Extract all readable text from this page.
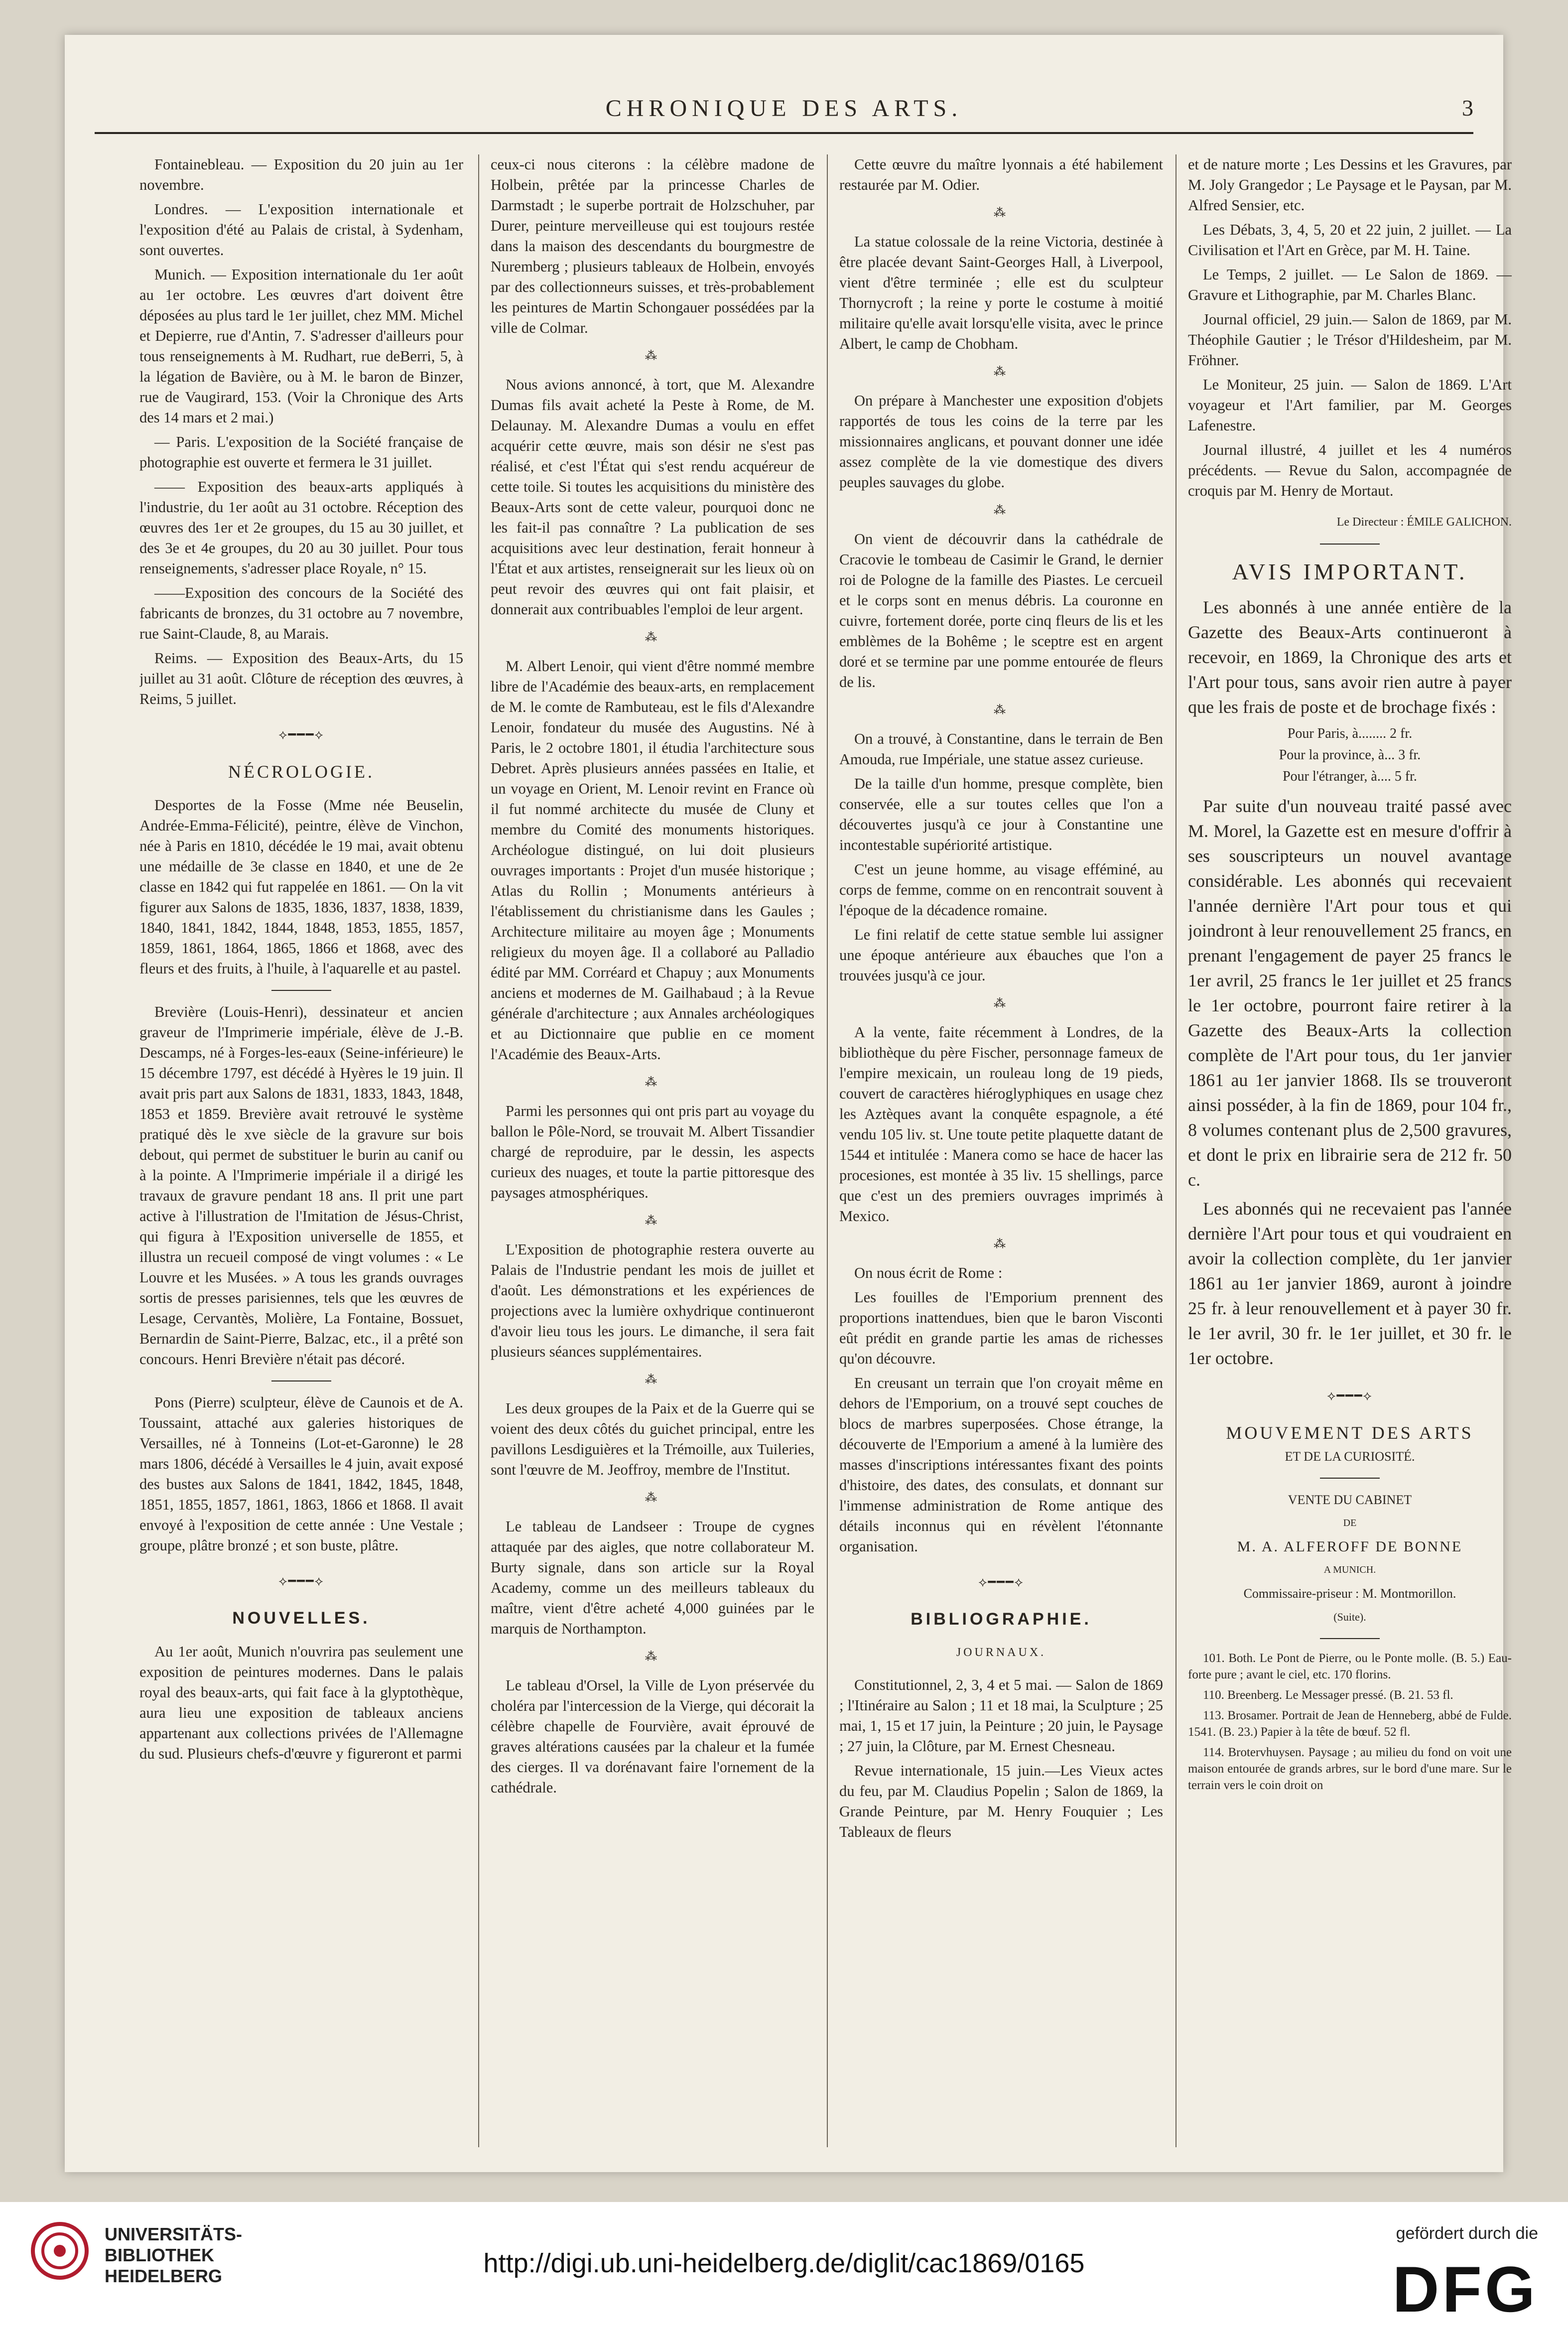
CHRONIQUE DES ARTS.	3

Fontainebleau. — Exposition du 20 juin au 1er novembre.

Londres. — L'exposition internationale et l'exposition d'été au Palais de cristal, à Sydenham, sont ouvertes.

Munich. — Exposition internationale du 1er août au 1er octobre. Les œuvres d'art doivent être déposées au plus tard le 1er juillet, chez MM. Michel et Depierre, rue d'Antin, 7. S'adresser d'ailleurs pour tous renseignements à M. Rudhart, rue deBerri, 5, à la légation de Bavière, ou à M. le baron de Binzer, rue de Vaugirard, 153. (Voir la Chronique des Arts des 14 mars et 2 mai.)

— Paris. L'exposition de la Société française de photographie est ouverte et fermera le 31 juillet.

—— Exposition des beaux-arts appliqués à l'industrie, du 1er août au 31 octobre. Réception des œuvres des 1er et 2e groupes, du 15 au 30 juillet, et des 3e et 4e groupes, du 20 au 30 juillet. Pour tous renseignements, s'adresser place Royale, n° 15.

——Exposition des concours de la Société des fabricants de bronzes, du 31 octobre au 7 novembre, rue Saint-Claude, 8, au Marais.

Reims. — Exposition des Beaux-Arts, du 15 juillet au 31 août. Clôture de réception des œuvres, à Reims, 5 juillet.

⟡━━━⟡
NÉCROLOGIE.

Desportes de la Fosse (Mme née Beuselin, Andrée-Emma-Félicité), peintre, élève de Vinchon, née à Paris en 1810, décédée le 19 mai, avait obtenu une médaille de 3e classe en 1840, et une de 2e classe en 1842 qui fut rappelée en 1861. — On la vit figurer aux Salons de 1835, 1836, 1837, 1838, 1839, 1840, 1841, 1842, 1844, 1848, 1853, 1855, 1857, 1859, 1861, 1864, 1865, 1866 et 1868, avec des fleurs et des fruits, à l'huile, à l'aquarelle et au pastel.

Brevière (Louis-Henri), dessinateur et ancien graveur de l'Imprimerie impériale, élève de J.-B. Descamps, né à Forges-les-eaux (Seine-inférieure) le 15 décembre 1797, est décédé à Hyères le 19 juin. Il avait pris part aux Salons de 1831, 1833, 1843, 1848, 1853 et 1859. Brevière avait retrouvé le système pratiqué dès le xve siècle de la gravure sur bois debout, qui permet de substituer le burin au canif ou à la pointe. A l'Imprimerie impériale il a dirigé les travaux de gravure pendant 18 ans. Il prit une part active à l'illustration de l'Imitation de Jésus-Christ, qui figura à l'Exposition universelle de 1855, et illustra un recueil composé de vingt volumes : « Le Louvre et les Musées. » A tous les grands ouvrages sortis de presses parisiennes, tels que les œuvres de Lesage, Cervantès, Molière, La Fontaine, Bossuet, Bernardin de Saint-Pierre, Balzac, etc., il a prêté son concours. Henri Brevière n'était pas décoré.

Pons (Pierre) sculpteur, élève de Caunois et de A. Toussaint, attaché aux galeries historiques de Versailles, né à Tonneins (Lot-et-Garonne) le 28 mars 1806, décédé à Versailles le 4 juin, avait exposé des bustes aux Salons de 1841, 1842, 1845, 1848, 1851, 1855, 1857, 1861, 1863, 1866 et 1868. Il avait envoyé à l'exposition de cette année : Une Vestale ; groupe, plâtre bronzé ; et son buste, plâtre.

⟡━━━⟡
NOUVELLES.

Au 1er août, Munich n'ouvrira pas seulement une exposition de peintures modernes. Dans le palais royal des beaux-arts, qui fait face à la glyptothèque, aura lieu une exposition de tableaux anciens appartenant aux collections privées de l'Allemagne du sud. Plusieurs chefs-d'œuvre y figureront et parmi

ceux-ci nous citerons : la célèbre madone de Holbein, prêtée par la princesse Charles de Darmstadt ; le superbe portrait de Holzschuher, par Durer, peinture merveilleuse qui est toujours restée dans la maison des descendants du bourgmestre de Nuremberg ; plusieurs tableaux de Holbein, envoyés par des collectionneurs suisses, et très-probablement les peintures de Martin Schongauer possédées par la ville de Colmar.

⁂

Nous avions annoncé, à tort, que M. Alexandre Dumas fils avait acheté la Peste à Rome, de M. Delaunay. M. Alexandre Dumas a voulu en effet acquérir cette œuvre, mais son désir ne s'est pas réalisé, et c'est l'État qui s'est rendu acquéreur de cette toile. Si toutes les acquisitions du ministère des Beaux-Arts sont de cette valeur, pourquoi donc ne les fait-il pas connaître ? La publication de ses acquisitions avec leur destination, ferait honneur à l'État et aux artistes, renseignerait sur les lieux où on peut revoir des œuvres qui ont fait plaisir, et donnerait aux contribuables l'emploi de leur argent.

⁂

M. Albert Lenoir, qui vient d'être nommé membre libre de l'Académie des beaux-arts, en remplacement de M. le comte de Rambuteau, est le fils d'Alexandre Lenoir, fondateur du musée des Augustins. Né à Paris, le 2 octobre 1801, il étudia l'architecture sous Debret. Après plusieurs années passées en Italie, et un voyage en Orient, M. Lenoir revint en France où il fut nommé architecte du musée de Cluny et membre du Comité des monuments historiques. Archéologue distingué, on lui doit plusieurs ouvrages importants : Projet d'un musée historique ; Atlas du Rollin ; Monuments antérieurs à l'établissement du christianisme dans les Gaules ; Architecture militaire au moyen âge ; Monuments religieux du moyen âge. Il a collaboré au Palladio édité par MM. Corréard et Chapuy ; aux Monuments anciens et modernes de M. Gailhabaud ; à la Revue générale d'architecture ; aux Annales archéologiques et au Dictionnaire que publie en ce moment l'Académie des Beaux-Arts.

⁂

Parmi les personnes qui ont pris part au voyage du ballon le Pôle-Nord, se trouvait M. Albert Tissandier chargé de reproduire, par le dessin, les aspects curieux des nuages, et toute la partie pittoresque des paysages atmosphériques.

⁂

L'Exposition de photographie restera ouverte au Palais de l'Industrie pendant les mois de juillet et d'août. Les démonstrations et les expériences de projections avec la lumière oxhydrique continueront d'avoir lieu tous les jours. Le dimanche, il sera fait plusieurs séances supplémentaires.

⁂

Les deux groupes de la Paix et de la Guerre qui se voient des deux côtés du guichet principal, entre les pavillons Lesdiguières et la Trémoille, aux Tuileries, sont l'œuvre de M. Jeoffroy, membre de l'Institut.

⁂

Le tableau de Landseer : Troupe de cygnes attaquée par des aigles, que notre collaborateur M. Burty signale, dans son article sur la Royal Academy, comme un des meilleurs tableaux du maître, vient d'être acheté 4,000 guinées par le marquis de Northampton.

⁂

Le tableau d'Orsel, la Ville de Lyon préservée du choléra par l'intercession de la Vierge, qui décorait la célèbre chapelle de Fourvière, avait éprouvé de graves altérations causées par la chaleur et la fumée des cierges. Il va dorénavant faire l'ornement de la cathédrale.

Cette œuvre du maître lyonnais a été habilement restaurée par M. Odier.

⁂

La statue colossale de la reine Victoria, destinée à être placée devant Saint-Georges Hall, à Liverpool, vient d'être terminée ; elle est du sculpteur Thornycroft ; la reine y porte le costume à moitié militaire qu'elle avait lorsqu'elle visita, avec le prince Albert, le camp de Chobham.

⁂

On prépare à Manchester une exposition d'objets rapportés de tous les coins de la terre par les missionnaires anglicans, et pouvant donner une idée assez complète de la vie domestique des divers peuples sauvages du globe.

⁂

On vient de découvrir dans la cathédrale de Cracovie le tombeau de Casimir le Grand, le dernier roi de Pologne de la famille des Piastes. Le cercueil et le corps sont en menus débris. La couronne en cuivre, fortement dorée, porte cinq fleurs de lis et les emblèmes de la Bohême ; le sceptre est en argent doré et se termine par une pomme entourée de fleurs de lis.

⁂

On a trouvé, à Constantine, dans le terrain de Ben Amouda, rue Impériale, une statue assez curieuse.

De la taille d'un homme, presque complète, bien conservée, elle a sur toutes celles que l'on a découvertes jusqu'à ce jour à Constantine une incontestable supériorité artistique.

C'est un jeune homme, au visage efféminé, au corps de femme, comme on en rencontrait souvent à l'époque de la décadence romaine.

Le fini relatif de cette statue semble lui assigner une époque antérieure aux ébauches que l'on a trouvées jusqu'à ce jour.

⁂

A la vente, faite récemment à Londres, de la bibliothèque du père Fischer, personnage fameux de l'empire mexicain, un rouleau long de 19 pieds, couvert de caractères hiéroglyphiques en usage chez les Aztèques avant la conquête espagnole, a été vendu 105 liv. st. Une toute petite plaquette datant de 1544 et intitulée : Manera como se hace de hacer las procesiones, est montée à 35 liv. 15 shellings, parce que c'est un des premiers ouvrages imprimés à Mexico.

⁂

On nous écrit de Rome :

Les fouilles de l'Emporium prennent des proportions inattendues, bien que le baron Visconti eût prédit en grande partie les amas de richesses qu'on découvre.

En creusant un terrain que l'on croyait même en dehors de l'Emporium, on a trouvé sept couches de blocs de marbres superposées. Chose étrange, la découverte de l'Emporium a amené à la lumière des masses d'inscriptions intéressantes fixant des points d'histoire, des dates, des consulats, et donnant sur l'immense administration de Rome antique des détails inconnus qui en révèlent l'étonnante organisation.

⟡━━━⟡
BIBLIOGRAPHIE.
JOURNAUX.

Constitutionnel, 2, 3, 4 et 5 mai. — Salon de 1869 ; l'Itinéraire au Salon ; 11 et 18 mai, la Sculpture ; 25 mai, 1, 15 et 17 juin, la Peinture ; 20 juin, le Paysage ; 27 juin, la Clôture, par M. Ernest Chesneau.

Revue internationale, 15 juin.—Les Vieux actes du feu, par M. Claudius Popelin ; Salon de 1869, la Grande Peinture, par M. Henry Fouquier ; Les Tableaux de fleurs

et de nature morte ; Les Dessins et les Gravures, par M. Joly Grangedor ; Le Paysage et le Paysan, par M. Alfred Sensier, etc.

Les Débats, 3, 4, 5, 20 et 22 juin, 2 juillet. — La Civilisation et l'Art en Grèce, par M. H. Taine.

Le Temps, 2 juillet. — Le Salon de 1869. — Gravure et Lithographie, par M. Charles Blanc.

Journal officiel, 29 juin.— Salon de 1869, par M. Théophile Gautier ; le Trésor d'Hildesheim, par M. Fröhner.

Le Moniteur, 25 juin. — Salon de 1869. L'Art voyageur et l'Art familier, par M. Georges Lafenestre.

Journal illustré, 4 juillet et les 4 numéros précédents. — Revue du Salon, accompagnée de croquis par M. Henry de Mortaut.

Le Directeur : ÉMILE GALICHON.
AVIS IMPORTANT.

Les abonnés à une année entière de la Gazette des Beaux-Arts continueront à recevoir, en 1869, la Chronique des arts et l'Art pour tous, sans avoir rien autre à payer que les frais de poste et de brochage fixés :

Pour Paris, à........ 2 fr.
Pour la province, à... 3 fr.
Pour l'étranger, à.... 5 fr.

Par suite d'un nouveau traité passé avec M. Morel, la Gazette est en mesure d'offrir à ses souscripteurs un nouvel avantage considérable. Les abonnés qui recevaient l'année dernière l'Art pour tous et qui joindront à leur renouvellement 25 francs, en prenant l'engagement de payer 25 francs le 1er avril, 25 francs le 1er juillet et 25 francs le 1er octobre, pourront faire retirer à la Gazette des Beaux-Arts la collection complète de l'Art pour tous, du 1er janvier 1861 au 1er janvier 1868. Ils se trouveront ainsi posséder, à la fin de 1869, pour 104 fr., 8 volumes contenant plus de 2,500 gravures, et dont le prix en librairie sera de 212 fr. 50 c.

Les abonnés qui ne recevaient pas l'année dernière l'Art pour tous et qui voudraient en avoir la collection complète, du 1er janvier 1861 au 1er janvier 1869, auront à joindre 25 fr. à leur renouvellement et à payer 30 fr. le 1er avril, 30 fr. le 1er juillet, et 30 fr. le 1er octobre.

⟡━━━⟡
MOUVEMENT DES ARTS
ET DE LA CURIOSITÉ.
VENTE DU CABINET
DE
M. A. ALFEROFF DE BONNE
A MUNICH.
Commissaire-priseur : M. Montmorillon.
(Suite).

101. Both. Le Pont de Pierre, ou le Ponte molle. (B. 5.) Eau-forte pure ; avant le ciel, etc. 170 florins.

110. Breenberg. Le Messager pressé. (B. 21. 53 fl.

113. Brosamer. Portrait de Jean de Henneberg, abbé de Fulde. 1541. (B. 23.) Papier à la tête de bœuf. 52 fl.

114. Brotervhuysen. Paysage ; au milieu du fond on voit une maison entourée de grands arbres, sur le bord d'une mare. Sur le terrain vers le coin droit on

UNIVERSITÄTS-
BIBLIOTHEK
HEIDELBERG	http://digi.ub.uni-heidelberg.de/diglit/cac1869/0165
gefördert durch die
DFG
